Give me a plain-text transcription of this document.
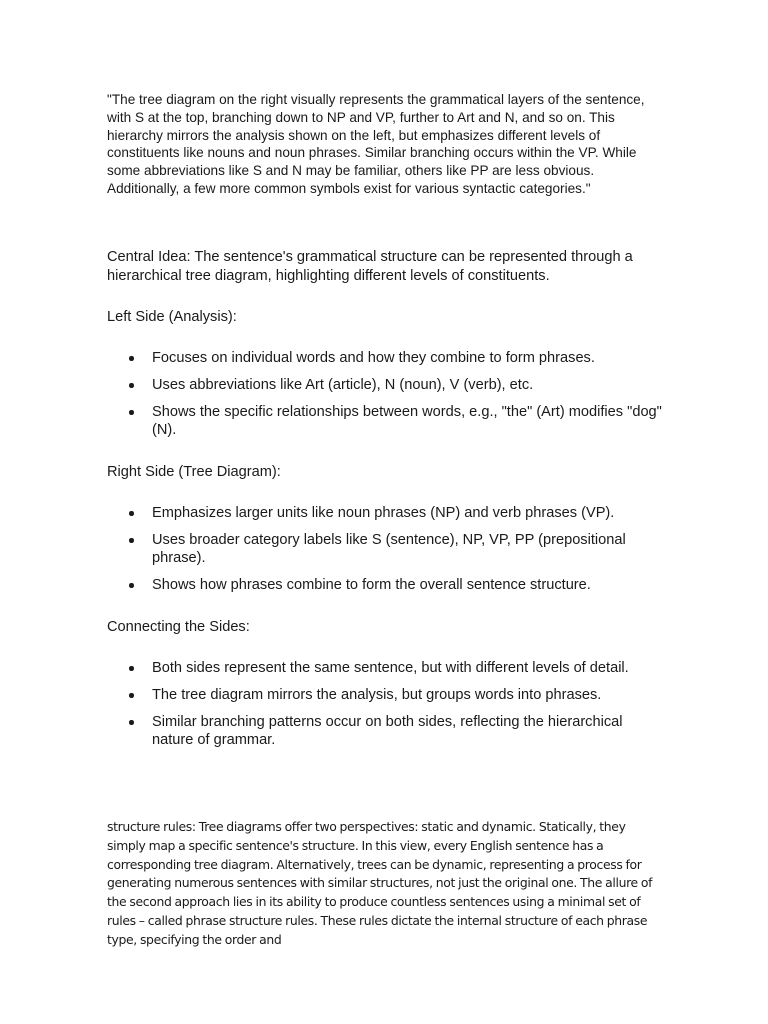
"The tree diagram on the right visually represents the grammatical layers of the sentence, with S at the top, branching down to NP and VP, further to Art and N, and so on. This hierarchy mirrors the analysis shown on the left, but emphasizes different levels of constituents like nouns and noun phrases. Similar branching occurs within the VP. While some abbreviations like S and N may be familiar, others like PP are less obvious. Additionally, a few more common symbols exist for various syntactic categories."

Central Idea: The sentence's grammatical structure can be represented through a hierarchical tree diagram, highlighting different levels of constituents.

Left Side (Analysis):

Focuses on individual words and how they combine to form phrases.
Uses abbreviations like Art (article), N (noun), V (verb), etc.
Shows the specific relationships between words, e.g., "the" (Art) modifies "dog" (N).

Right Side (Tree Diagram):

Emphasizes larger units like noun phrases (NP) and verb phrases (VP).
Uses broader category labels like S (sentence), NP, VP, PP (prepositional phrase).
Shows how phrases combine to form the overall sentence structure.

Connecting the Sides:

Both sides represent the same sentence, but with different levels of detail.
The tree diagram mirrors the analysis, but groups words into phrases.
Similar branching patterns occur on both sides, reflecting the hierarchical nature of grammar.

structure rules: Tree diagrams offer two perspectives: static and dynamic. Statically, they simply map a specific sentence's structure. In this view, every English sentence has a corresponding tree diagram. Alternatively, trees can be dynamic, representing a process for generating numerous sentences with similar structures, not just the original one. The allure of the second approach lies in its ability to produce countless sentences using a minimal set of rules – called phrase structure rules. These rules dictate the internal structure of each phrase type, specifying the order and
